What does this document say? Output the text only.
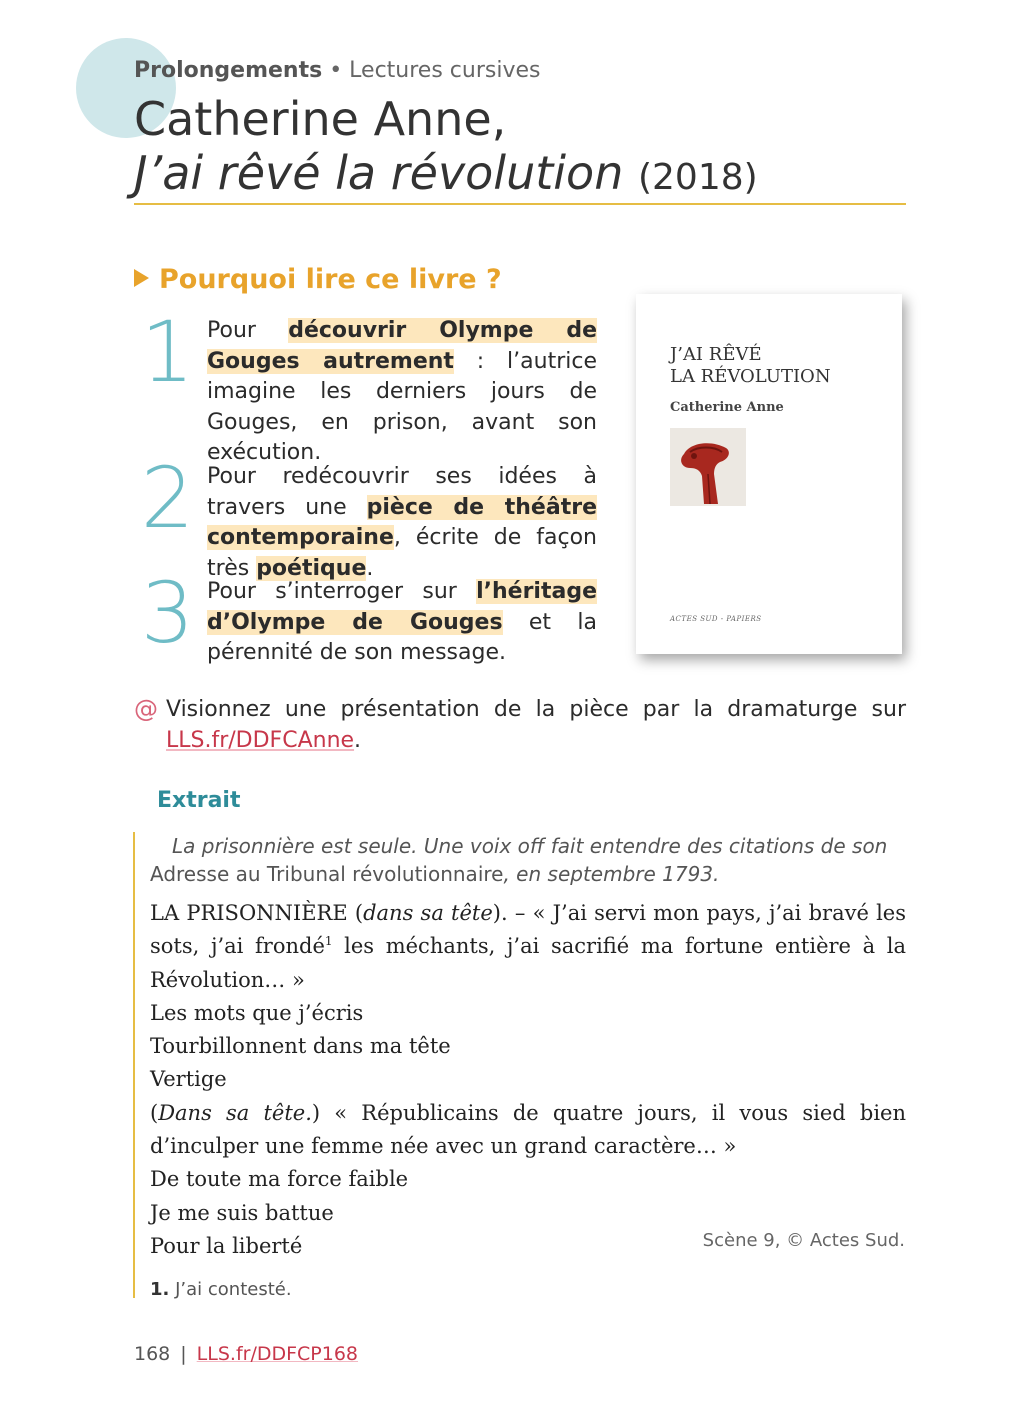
Prolongements • Lectures cursives
Catherine Anne,
J’ai rêvé la révolution (2018)
Pourquoi lire ce livre ?
1 Pour découvrir Olympe de Gouges autrement : l’autrice imagine les derniers jours de Gouges, en prison, avant son exécution.
2 Pour redécouvrir ses idées à travers une pièce de théâtre contemporaine, écrite de façon très poétique.
3 Pour s’interroger sur l’héritage d’Olympe de Gouges et la pérennité de son message.
J’AI RÊVÉ
LA RÉVOLUTION
Catherine Anne
ACTES SUD - PAPIERS
@ Visionnez une présentation de la pièce par la dramaturge sur LLS.fr/DDFCAnne.
Extrait
La prisonnière est seule. Une voix off fait entendre des citations de son Adresse au Tribunal révolutionnaire, en septembre 1793.

LA PRISONNIÈRE (dans sa tête). – « J’ai servi mon pays, j’ai bravé les sots, j’ai frondé$^1$ les méchants, j’ai sacrifié ma fortune entière à la Révolution… »

Les mots que j’écris

Tourbillonnent dans ma tête

Vertige

(Dans sa tête.) « Républicains de quatre jours, il vous sied bien d’inculper une femme née avec un grand caractère… »

De toute ma force faible

Je me suis battue

Pour la liberté	Scène 9, © Actes Sud.
1. J’ai contesté.
168 | LLS.fr/DDFCP168
